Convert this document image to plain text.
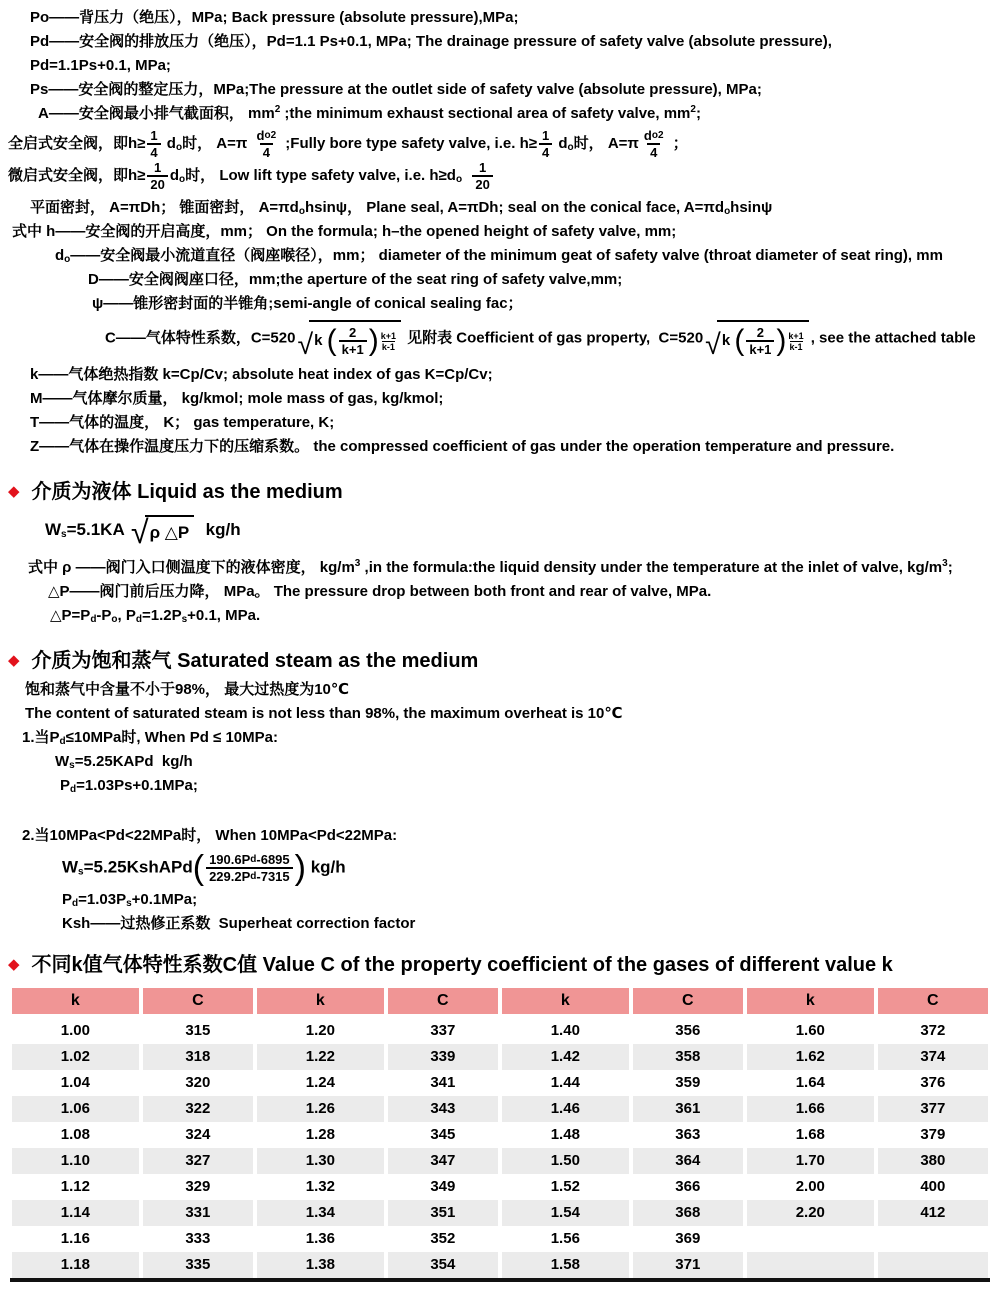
Po——背压力（绝压），MPa; Back pressure (absolute pressure),MPa;
Pd——安全阀的排放压力（绝压），Pd=1.1 Ps+0.1, MPa; The drainage pressure of safety valve (absolute pressure),
Pd=1.1Ps+0.1, MPa;
Ps——安全阀的整定压力，MPa;The pressure at the outlet side of safety valve (absolute pressure), MPa;
A——安全阀最小排气截面积， $mm^2$ ;the minimum exhaust sectional area of safety valve, $mm^2$;
全启式安全阀，即$h\ge \frac{1}{4} d_o$时， $A=\pi \frac{\text{d o 2}}{4}$ ;Fully bore type safety valve, i.e. $h\ge \frac{1}{4} d_o$时， $A=\pi \frac{\text{d o 2}}{4}$ ；
微启式安全阀，即$h\ge \frac{1}{20} d_o$时， Low lift type safety valve, i.e. $h\ge d_o \frac{1}{20}$
平面密封， A=πDh； 锥面密封， $A=\pi d_ohsin\psi$， Plane seal, A=πDh; seal on the conical face, $A=\pi d_ohsin\psi$
式中 h——安全阀的开启高度，mm； On the formula; h–the opened height of safety valve, mm;
$d_o——$安全阀最小流道直径（阀座喉径），mm； diameter of the minimum geat of safety valve (throat diameter of seat ring), mm
D——安全阀阀座口径，mm;the aperture of the seat ring of safety valve,mm;
ψ——锥形密封面的半锥角;semi-angle of conical sealing fac；
C——气体特性系数，C=520 √ k ( $\frac{2}{k+1}$ ) $\frac{k+1}{k-1}$ 见附表 Coefficient of gas property,  C=520 √ k ( $\frac{2}{k+1}$ ) $\frac{k+1}{k-1}$ , see the attached table
k——气体绝热指数 k=Cp/Cv; absolute heat index of gas K=Cp/Cv;
M——气体摩尔质量， kg/kmol; mole mass of gas, kg/kmol;
T——气体的温度， K； gas temperature, K;
Z——气体在操作温度压力下的压缩系数。 the compressed coefficient of gas under the operation temperature and pressure.
◆ 介质为液体 Liquid as the medium
$W_s=5.1KA$ √ ρ △P kg/h
式中 ρ ——阀门入口侧温度下的液体密度， $kg/m^3$ ,in the formula:the liquid density under the temperature at the inlet of valve, $kg/m^3$;
△P——阀门前后压力降， MPa。 The pressure drop between both front and rear of valve, MPa.
$\triangle P=P_d-P_o$, $P_d=1.2P_s+0.1$, MPa.
◆ 介质为饱和蒸气 Saturated steam as the medium
饱和蒸气中含量不小于98%， 最大过热度为10℃
The content of saturated steam is not less than 98%, the maximum overheat is 10℃
1.当$P_d\le 10MPa$时, When Pd ≤ 10MPa:
$W_s=5.25KAPd$  kg/h
$P_d=1.03Ps+0.1MPa$;
2.当10MPa<Pd<22MPa时， When 10MPa<Pd<22MPa:
$W_s=5.25KshAPd( \frac{\text{190.6P d -6895}}{\text{229.2P d -7315}}$ ) kg/h
$P_d=1.03P_s+0.1MPa$;
Ksh——过热修正系数  Superheat correction factor
◆ 不同k值气体特性系数C值 Value C of the property coefficient of the gases of different value k
k	C	k	C	k	C	k	C
1.00	315	1.20	337	1.40	356	1.60	372
1.02	318	1.22	339	1.42	358	1.62	374
1.04	320	1.24	341	1.44	359	1.64	376
1.06	322	1.26	343	1.46	361	1.66	377
1.08	324	1.28	345	1.48	363	1.68	379
1.10	327	1.30	347	1.50	364	1.70	380
1.12	329	1.32	349	1.52	366	2.00	400
1.14	331	1.34	351	1.54	368	2.20	412
1.16	333	1.36	352	1.56	369		
1.18	335	1.38	354	1.58	371		
